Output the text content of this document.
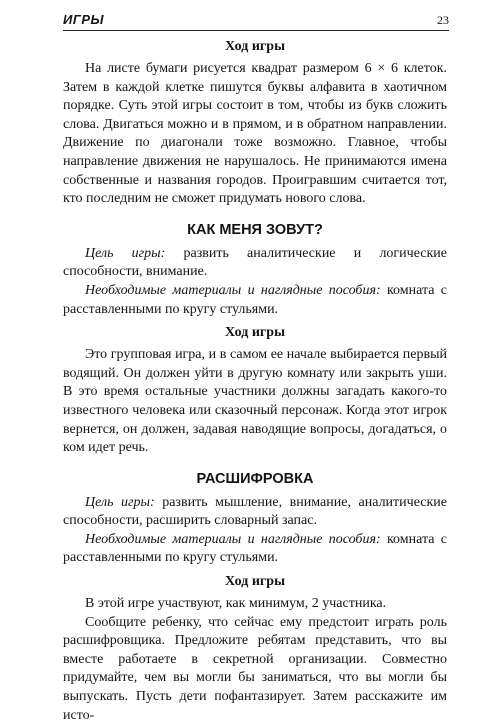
ИГРЫ	23
Ход игры

На листе бумаги рисуется квадрат размером 6 × 6 клеток. Затем в каждой клетке пишутся буквы алфавита в хаотичном порядке. Суть этой игры состоит в том, чтобы из букв сложить слова. Двигаться можно и в прямом, и в обратном направлении. Движение по диагонали тоже возможно. Главное, чтобы направление движения не нарушалось. Не принимаются имена собственные и названия городов. Проигравшим считается тот, кто последним не сможет придумать нового слова.

КАК МЕНЯ ЗОВУТ?

Цель игры: развить аналитические и логические способности, внимание.

Необходимые материалы и наглядные пособия: комната с расставленными по кругу стульями.

Ход игры

Это групповая игра, и в самом ее начале выбирается первый водящий. Он должен уйти в другую комнату или закрыть уши. В это время остальные участники должны загадать какого-то известного человека или сказочный персонаж. Когда этот игрок вернется, он должен, задавая наводящие вопросы, догадаться, о ком идет речь.

РАСШИФРОВКА

Цель игры: развить мышление, внимание, аналитические способности, расширить словарный запас.

Необходимые материалы и наглядные пособия: комната с расставленными по кругу стульями.

Ход игры

В этой игре участвуют, как минимум, 2 участника.

Сообщите ребенку, что сейчас ему предстоит играть роль расшифровщика. Предложите ребятам представить, что вы вместе работаете в секретной организации. Совместно придумайте, чем вы могли бы заниматься, что вы могли бы выпускать. Пусть дети пофантазирует. Затем расскажите им исто-
